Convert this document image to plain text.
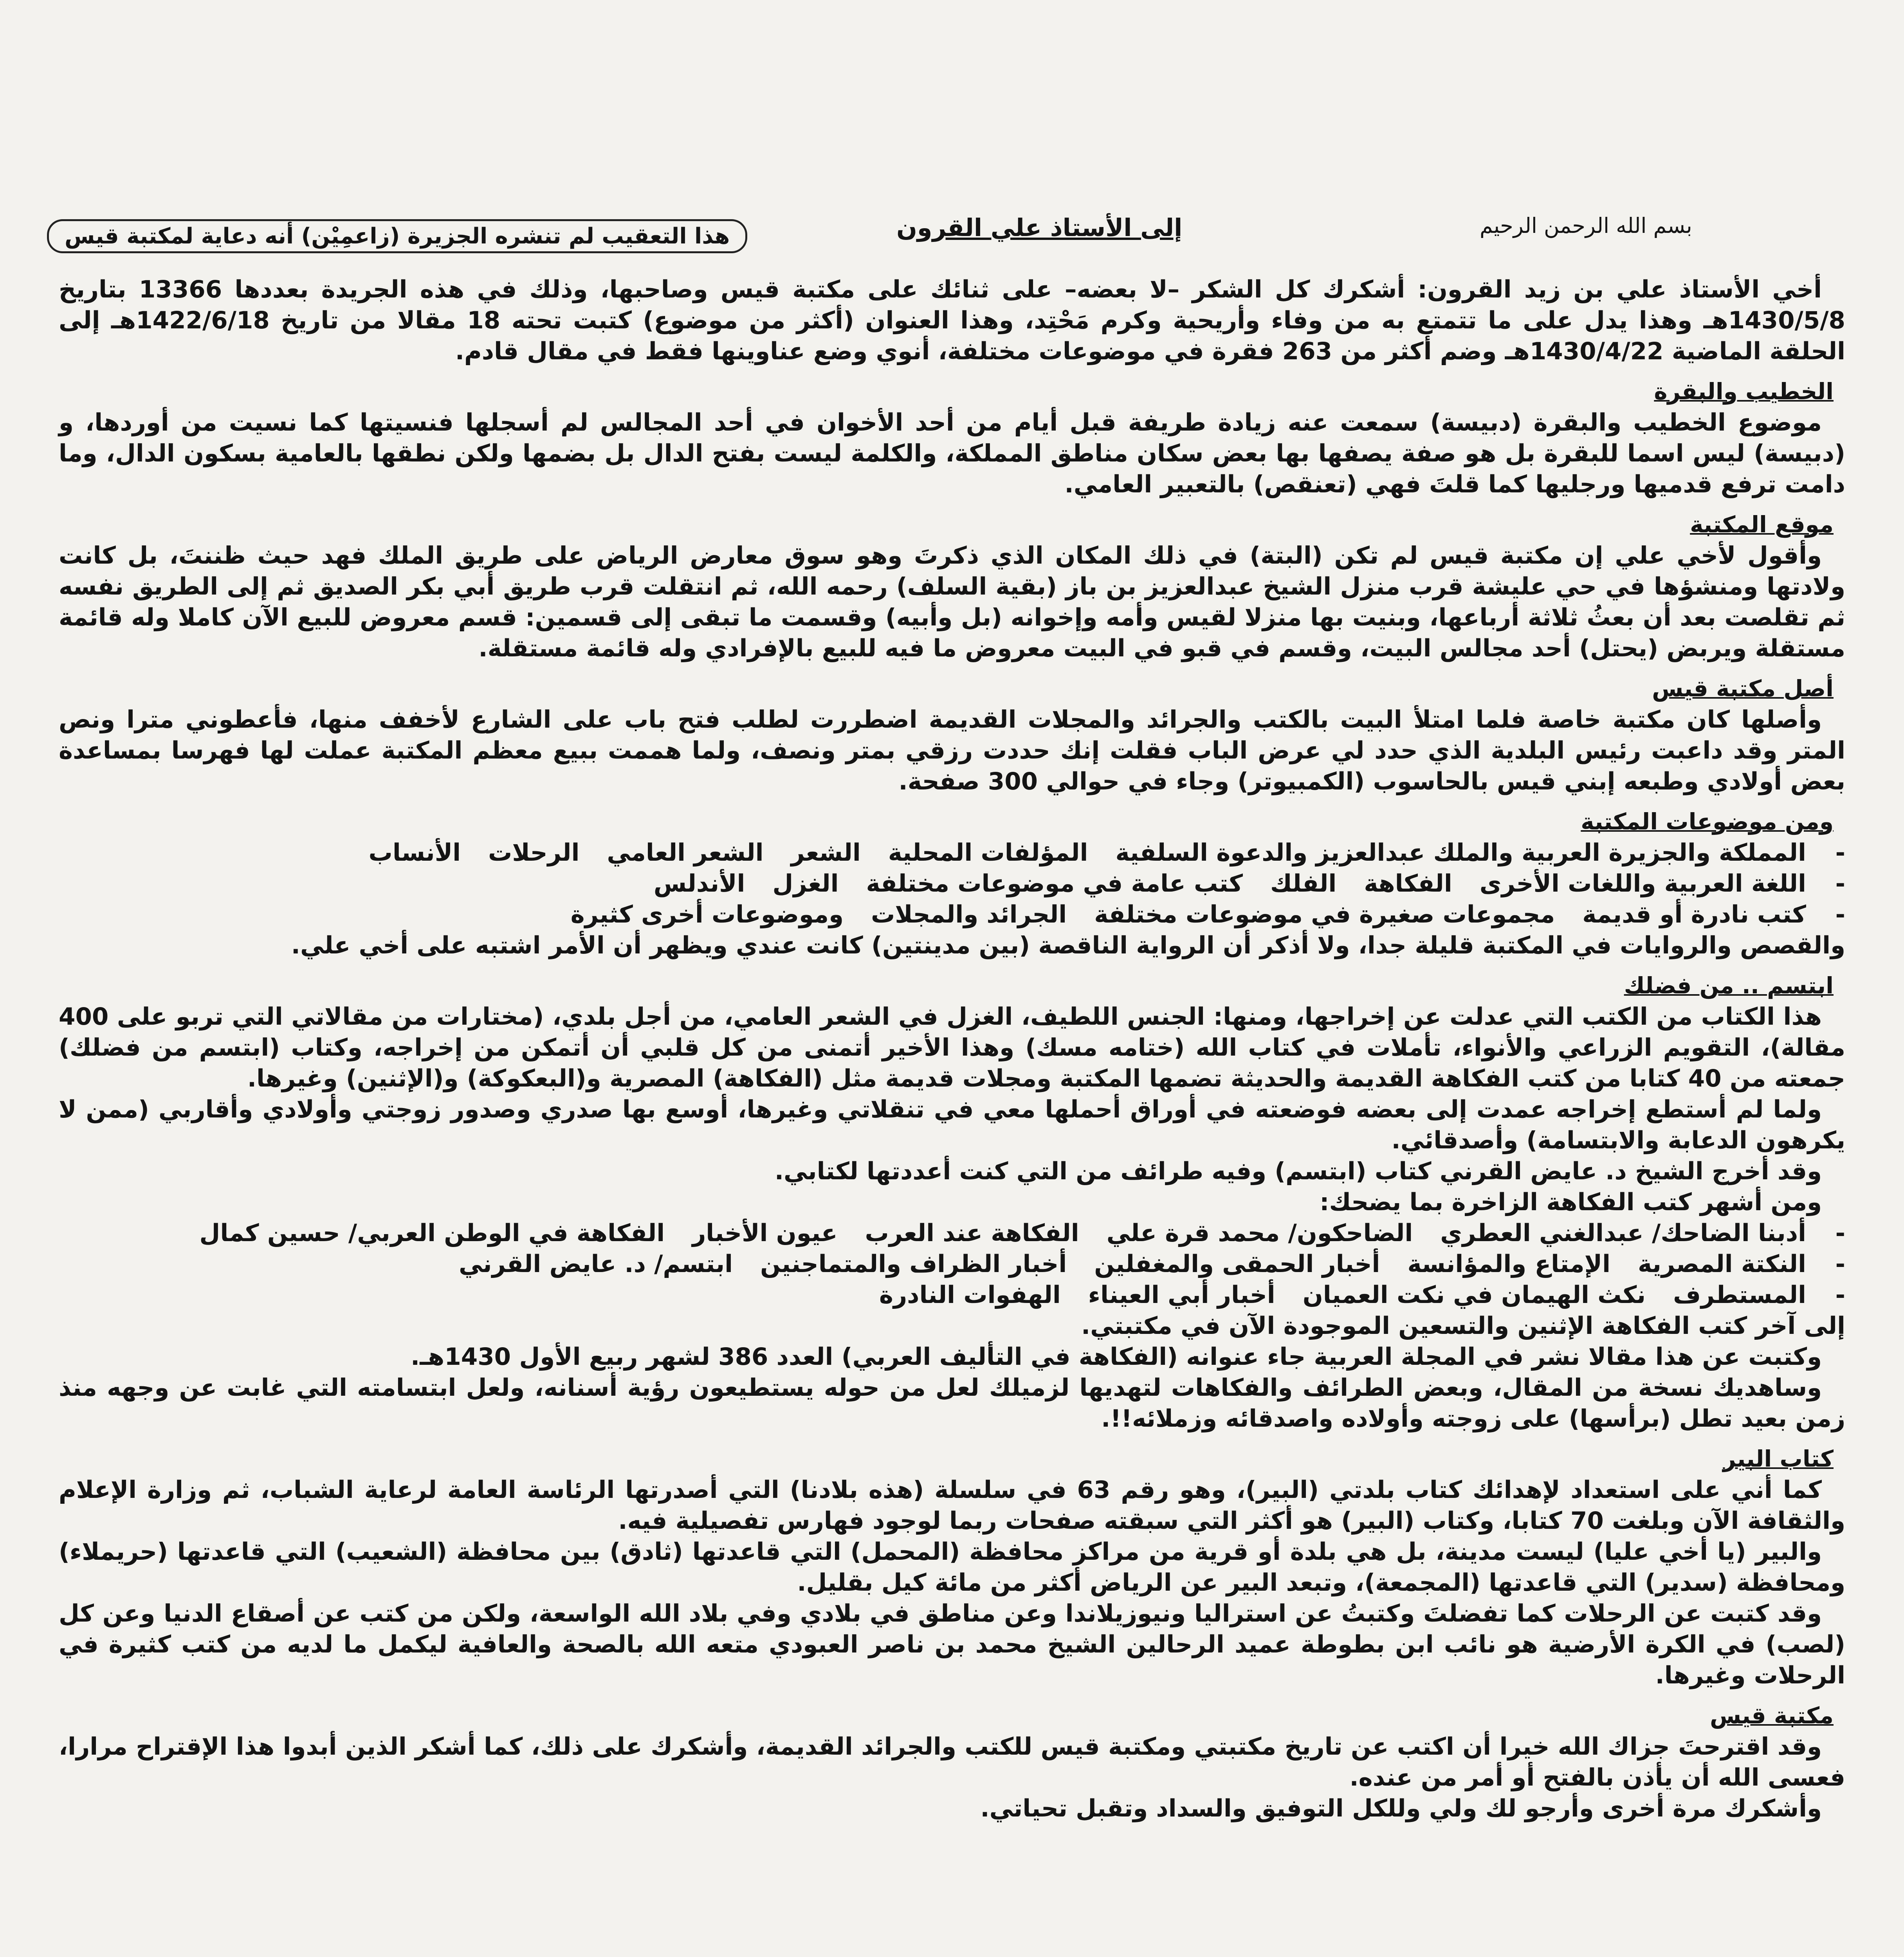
بسم الله الرحمن الرحيم
إلى الأستاذ علي القرون
هذا التعقيب لم تنشره الجزيرة (زاعمِيْن) أنه دعاية لمكتبة قيس

أخي الأستاذ علي بن زيد القرون: أشكرك كل الشكر –لا بعضه– على ثنائك على مكتبة قيس وصاحبها، وذلك في هذه الجريدة بعددها 13366 بتاريخ 1430/5/8هـ وهذا يدل على ما تتمتع به من وفاء وأريحية وكرم مَحْتِد، وهذا العنوان (أكثر من موضوع) كتبت تحته 18 مقالا من تاريخ 1422/6/18هـ إلى الحلقة الماضية 1430/4/22هـ وضم أكثر من 263 فقرة في موضوعات مختلفة، أنوي وضع عناوينها فقط في مقال قادم.

الخطيب والبقرة

موضوع الخطيب والبقرة (دبيسة) سمعت عنه زيادة طريفة قبل أيام من أحد الأخوان في أحد المجالس لم أسجلها فنسيتها كما نسيت من أوردها، و (دبيسة) ليس اسما للبقرة بل هو صفة يصفها بها بعض سكان مناطق المملكة، والكلمة ليست بفتح الدال بل بضمها ولكن نطقها بالعامية بسكون الدال، وما دامت ترفع قدميها ورجليها كما قلتَ فهي (تعنقص) بالتعبير العامي.

موقع المكتبة

وأقول لأخي علي إن مكتبة قيس لم تكن (البتة) في ذلك المكان الذي ذكرتَ وهو سوق معارض الرياض على طريق الملك فهد حيث ظننتَ، بل كانت ولادتها ومنشؤها في حي عليشة قرب منزل الشيخ عبدالعزيز بن باز (بقية السلف) رحمه الله، ثم انتقلت قرب طريق أبي بكر الصديق ثم إلى الطريق نفسه ثم تقلصت بعد أن بعثُ ثلاثة أرباعها، وبنيت بها منزلا لقيس وأمه وإخوانه (بل وأبيه) وقسمت ما تبقى إلى قسمين: قسم معروض للبيع الآن كاملا وله قائمة مستقلة ويربض (يحتل) أحد مجالس البيت، وقسم في قبو في البيت معروض ما فيه للبيع بالإفرادي وله قائمة مستقلة.

أصل مكتبة قيس

وأصلها كان مكتبة خاصة فلما امتلأ البيت بالكتب والجرائد والمجلات القديمة اضطررت لطلب فتح باب على الشارع لأخفف منها، فأعطوني مترا ونص المتر وقد داعبت رئيس البلدية الذي حدد لي عرض الباب فقلت إنك حددت رزقي بمتر ونصف، ولما هممت ببيع معظم المكتبة عملت لها فهرسا بمساعدة بعض أولادي وطبعه إبني قيس بالحاسوب (الكمبيوتر) وجاء في حوالي 300 صفحة.

ومن موضوعات المكتبة
-
المملكة والجزيرة العربية والملك عبدالعزيز والدعوة السلفية
المؤلفات المحلية
الشعر
الشعر العامي
الرحلات
الأنساب
-
اللغة العربية واللغات الأخرى
الفكاهة
الفلك
كتب عامة في موضوعات مختلفة
الغزل
الأندلس
-
كتب نادرة أو قديمة
مجموعات صغيرة في موضوعات مختلفة
الجرائد والمجلات
وموضوعات أخرى كثيرة

والقصص والروايات في المكتبة قليلة جدا، ولا أذكر أن الرواية الناقصة (بين مدينتين) كانت عندي ويظهر أن الأمر اشتبه على أخي علي.

ابتسم .. من فضلك

هذا الكتاب من الكتب التي عدلت عن إخراجها، ومنها: الجنس اللطيف، الغزل في الشعر العامي، من أجل بلدي، (مختارات من مقالاتي التي تربو على 400 مقالة)، التقويم الزراعي والأنواء، تأملات في كتاب الله (ختامه مسك) وهذا الأخير أتمنى من كل قلبي أن أتمكن من إخراجه، وكتاب (ابتسم من فضلك) جمعته من 40 كتابا من كتب الفكاهة القديمة والحديثة تضمها المكتبة ومجلات قديمة مثل (الفكاهة) المصرية و(البعكوكة) و(الإثنين) وغيرها.

ولما لم أستطع إخراجه عمدت إلى بعضه فوضعته في أوراق أحملها معي في تنقلاتي وغيرها، أوسع بها صدري وصدور زوجتي وأولادي وأقاربي (ممن لا يكرهون الدعابة والابتسامة) وأصدقائي.

وقد أخرج الشيخ د. عايض القرني كتاب (ابتسم) وفيه طرائف من التي كنت أعددتها لكتابي.

ومن أشهر كتب الفكاهة الزاخرة بما يضحك:

-
أدبنا الضاحك/ عبدالغني العطري
الضاحكون/ محمد قرة علي
الفكاهة عند العرب
عيون الأخبار
الفكاهة في الوطن العربي/ حسين كمال
-
النكتة المصرية
الإمتاع والمؤانسة
أخبار الحمقى والمغفلين
أخبار الظراف والمتماجنين
ابتسم/ د. عايض القرني
-
المستطرف
نكث الهيمان في نكت العميان
أخبار أبي العيناء
الهفوات النادرة

إلى آخر كتب الفكاهة الإثنين والتسعين الموجودة الآن في مكتبتي.

وكتبت عن هذا مقالا نشر في المجلة العربية جاء عنوانه (الفكاهة في التأليف العربي) العدد 386 لشهر ربيع الأول 1430هـ.

وساهديك نسخة من المقال، وبعض الطرائف والفكاهات لتهديها لزميلك لعل من حوله يستطيعون رؤية أسنانه، ولعل ابتسامته التي غابت عن وجهه منذ زمن بعيد تطل (برأسها) على زوجته وأولاده واصدقائه وزملائه!!.

كتاب البير

كما أني على استعداد لإهدائك كتاب بلدتي (البير)، وهو رقم 63 في سلسلة (هذه بلادنا) التي أصدرتها الرئاسة العامة لرعاية الشباب، ثم وزارة الإعلام والثقافة الآن وبلغت 70 كتابا، وكتاب (البير) هو أكثر التي سبقته صفحات ربما لوجود فهارس تفصيلية فيه.

والبير (يا أخي عليا) ليست مدينة، بل هي بلدة أو قرية من مراكز محافظة (المحمل) التي قاعدتها (ثادق) بين محافظة (الشعيب) التي قاعدتها (حريملاء) ومحافظة (سدير) التي قاعدتها (المجمعة)، وتبعد البير عن الرياض أكثر من مائة كيل بقليل.

وقد كتبت عن الرحلات كما تفضلتَ وكتبتُ عن استراليا ونيوزيلاندا وعن مناطق في بلادي وفي بلاد الله الواسعة، ولكن من كتب عن أصقاع الدنيا وعن كل (لصب) في الكرة الأرضية هو نائب ابن بطوطة عميد الرحالين الشيخ محمد بن ناصر العبودي متعه الله بالصحة والعافية ليكمل ما لديه من كتب كثيرة في الرحلات وغيرها.

مكتبة قيس

وقد اقترحتَ جزاك الله خيرا أن اكتب عن تاريخ مكتبتي ومكتبة قيس للكتب والجرائد القديمة، وأشكرك على ذلك، كما أشكر الذين أبدوا هذا الإقتراح مرارا، فعسى الله أن يأذن بالفتح أو أمر من عنده.

وأشكرك مرة أخرى وأرجو لك ولي وللكل التوفيق والسداد وتقبل تحياتي.
